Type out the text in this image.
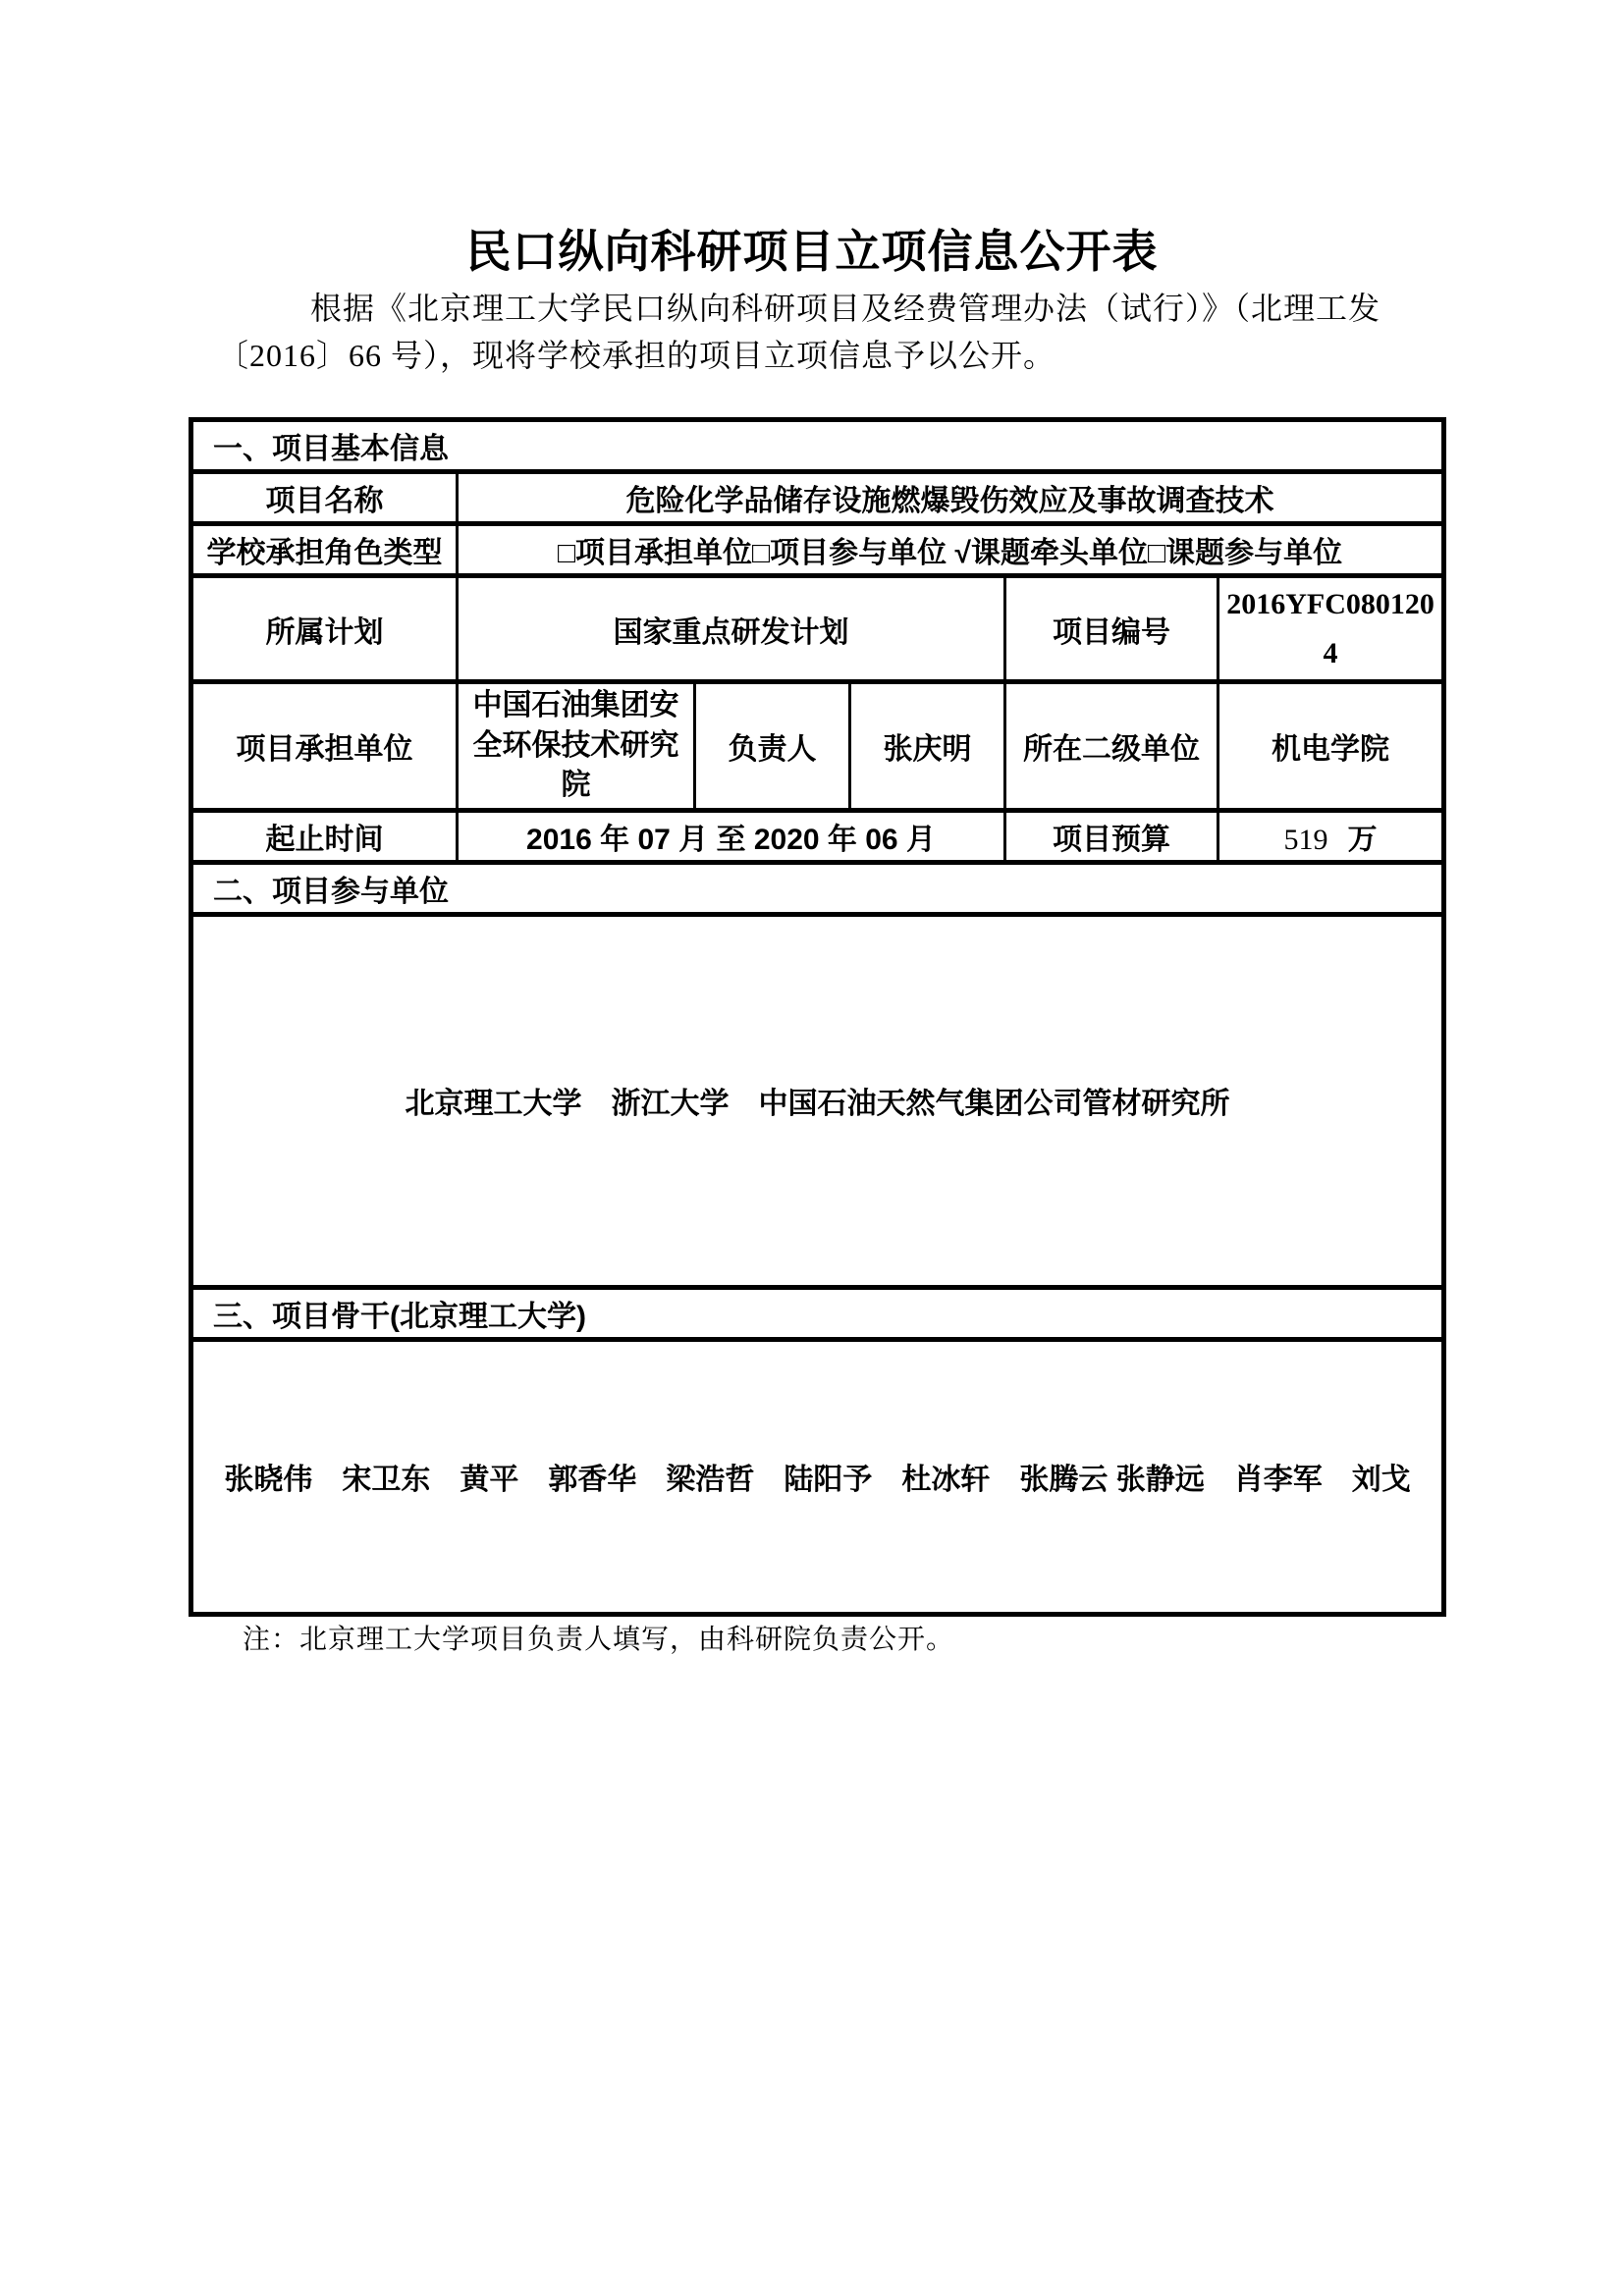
民口纵向科研项目立项信息公开表
根据《北京理工大学民口纵向科研项目及经费管理办法（试行）》（北理工发〔2016〕66 号），现将学校承担的项目立项信息予以公开。
一、项目基本信息					
项目名称	危险化学品储存设施燃爆毁伤效应及事故调查技术				
学校承担角色类型	□项目承担单位□项目参与单位 √课题牵头单位□课题参与单位				
所属计划	国家重点研发计划			项目编号	2016YFC0801204
项目承担单位	中国石油集团安全环保技术研究院	负责人	张庆明	所在二级单位	机电学院
起止时间	2016 年 07 月 至 2020 年 06 月			项目预算	519 万
二、项目参与单位					
北京理工大学　浙江大学　中国石油天然气集团公司管材研究所					
三、项目骨干(北京理工大学)					
张晓伟　宋卫东　黄平　郭香华　梁浩哲　陆阳予　杜冰轩　张腾云 张静远　肖李军　刘戈					
注：北京理工大学项目负责人填写，由科研院负责公开。
